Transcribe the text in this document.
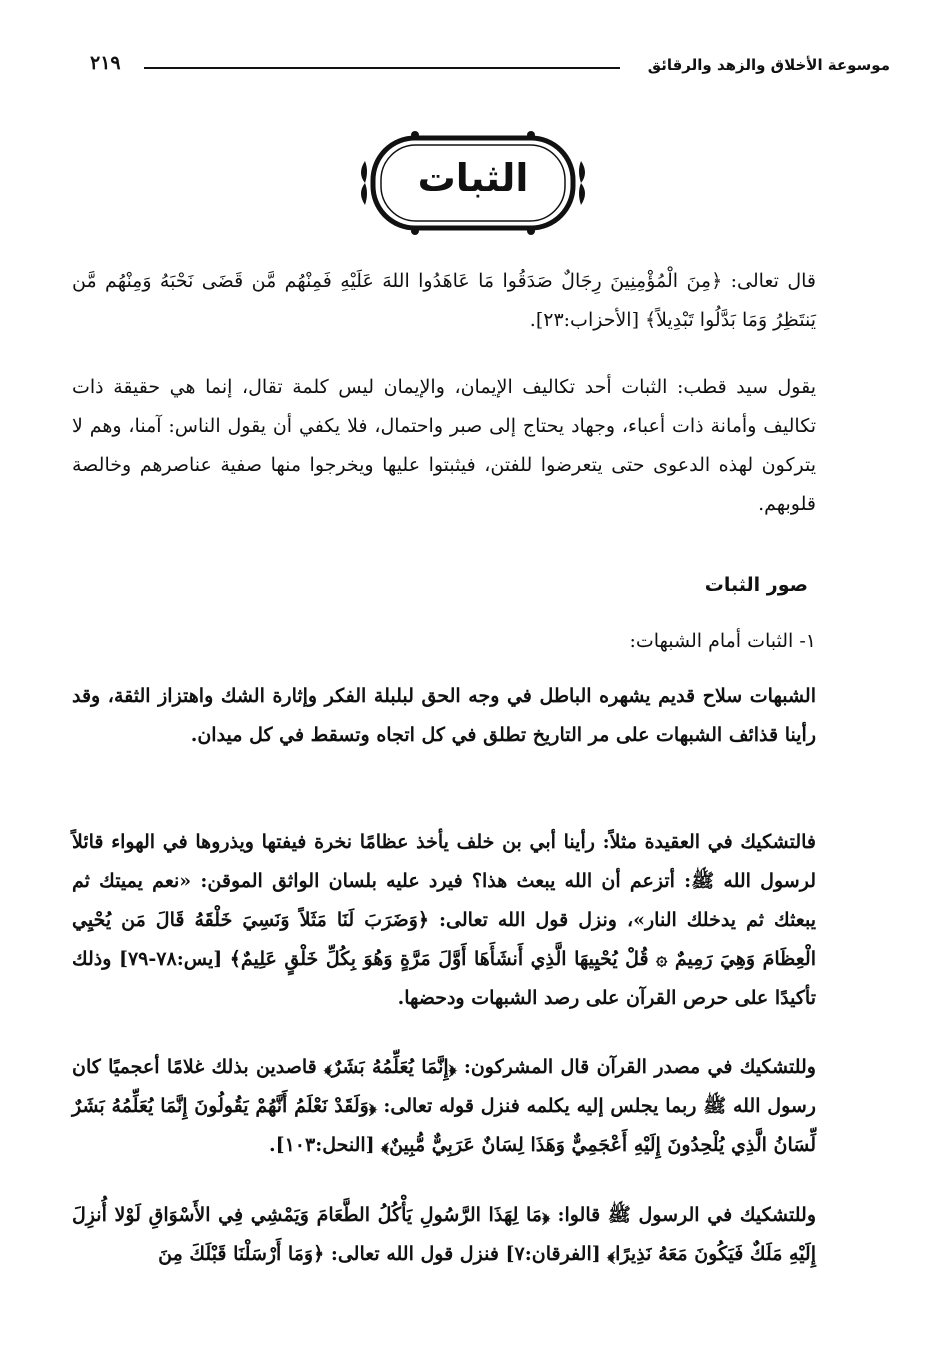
٢١٩	موسوعة الأخلاق والزهد والرقائق
الثبات
قال تعالى: ﴿مِنَ الْمُؤْمِنِينَ رِجَالٌ صَدَقُوا مَا عَاهَدُوا اللهَ عَلَيْهِ فَمِنْهُم مَّن قَضَى نَحْبَهُ وَمِنْهُم مَّن يَنتَظِرُ وَمَا بَدَّلُوا تَبْدِيلاً﴾ [الأحزاب:٢٣].
يقول سيد قطب: الثبات أحد تكاليف الإيمان، والإيمان ليس كلمة تقال، إنما هي حقيقة ذات تكاليف وأمانة ذات أعباء، وجهاد يحتاج إلى صبر واحتمال، فلا يكفي أن يقول الناس: آمنا، وهم لا يتركون لهذه الدعوى حتى يتعرضوا للفتن، فيثبتوا عليها ويخرجوا منها صفية عناصرهم وخالصة قلوبهم.
صور الثبات
١- الثبات أمام الشبهات:
الشبهات سلاح قديم يشهره الباطل في وجه الحق لبلبلة الفكر وإثارة الشك واهتزاز الثقة، وقد رأينا قذائف الشبهات على مر التاريخ تطلق في كل اتجاه وتسقط في كل ميدان.
فالتشكيك في العقيدة مثلاً: رأينا أبي بن خلف يأخذ عظامًا نخرة فيفتها ويذروها في الهواء قائلاً لرسول الله ﷺ: أتزعم أن الله يبعث هذا؟ فيرد عليه بلسان الواثق الموقن: «نعم يميتك ثم يبعثك ثم يدخلك النار»، ونزل قول الله تعالى: ﴿وَضَرَبَ لَنَا مَثَلاً وَنَسِيَ خَلْقَهُ قَالَ مَن يُحْيِي الْعِظَامَ وَهِيَ رَمِيمٌ ۞ قُلْ يُحْيِيهَا الَّذِي أَنشَأَهَا أَوَّلَ مَرَّةٍ وَهُوَ بِكُلِّ خَلْقٍ عَلِيمٌ﴾ [يس:٧٨-٧٩] وذلك تأكيدًا على حرص القرآن على رصد الشبهات ودحضها.
وللتشكيك في مصدر القرآن قال المشركون: ﴿إِنَّمَا يُعَلِّمُهُ بَشَرٌ﴾ قاصدين بذلك غلامًا أعجميًا كان رسول الله ﷺ ربما يجلس إليه يكلمه فنزل قوله تعالى: ﴿وَلَقَدْ نَعْلَمُ أَنَّهُمْ يَقُولُونَ إِنَّمَا يُعَلِّمُهُ بَشَرٌ لِّسَانُ الَّذِي يُلْحِدُونَ إِلَيْهِ أَعْجَمِيٌّ وَهَذَا لِسَانٌ عَرَبِيٌّ مُّبِينٌ﴾ [النحل:١٠٣].
وللتشكيك في الرسول ﷺ قالوا: ﴿مَا لِهَذَا الرَّسُولِ يَأْكُلُ الطَّعَامَ وَيَمْشِي فِي الأَسْوَاقِ لَوْلا أُنزِلَ إِلَيْهِ مَلَكٌ فَيَكُونَ مَعَهُ نَذِيرًا﴾ [الفرقان:٧] فنزل قول الله تعالى: ﴿وَمَا أَرْسَلْنَا قَبْلَكَ مِنَ
